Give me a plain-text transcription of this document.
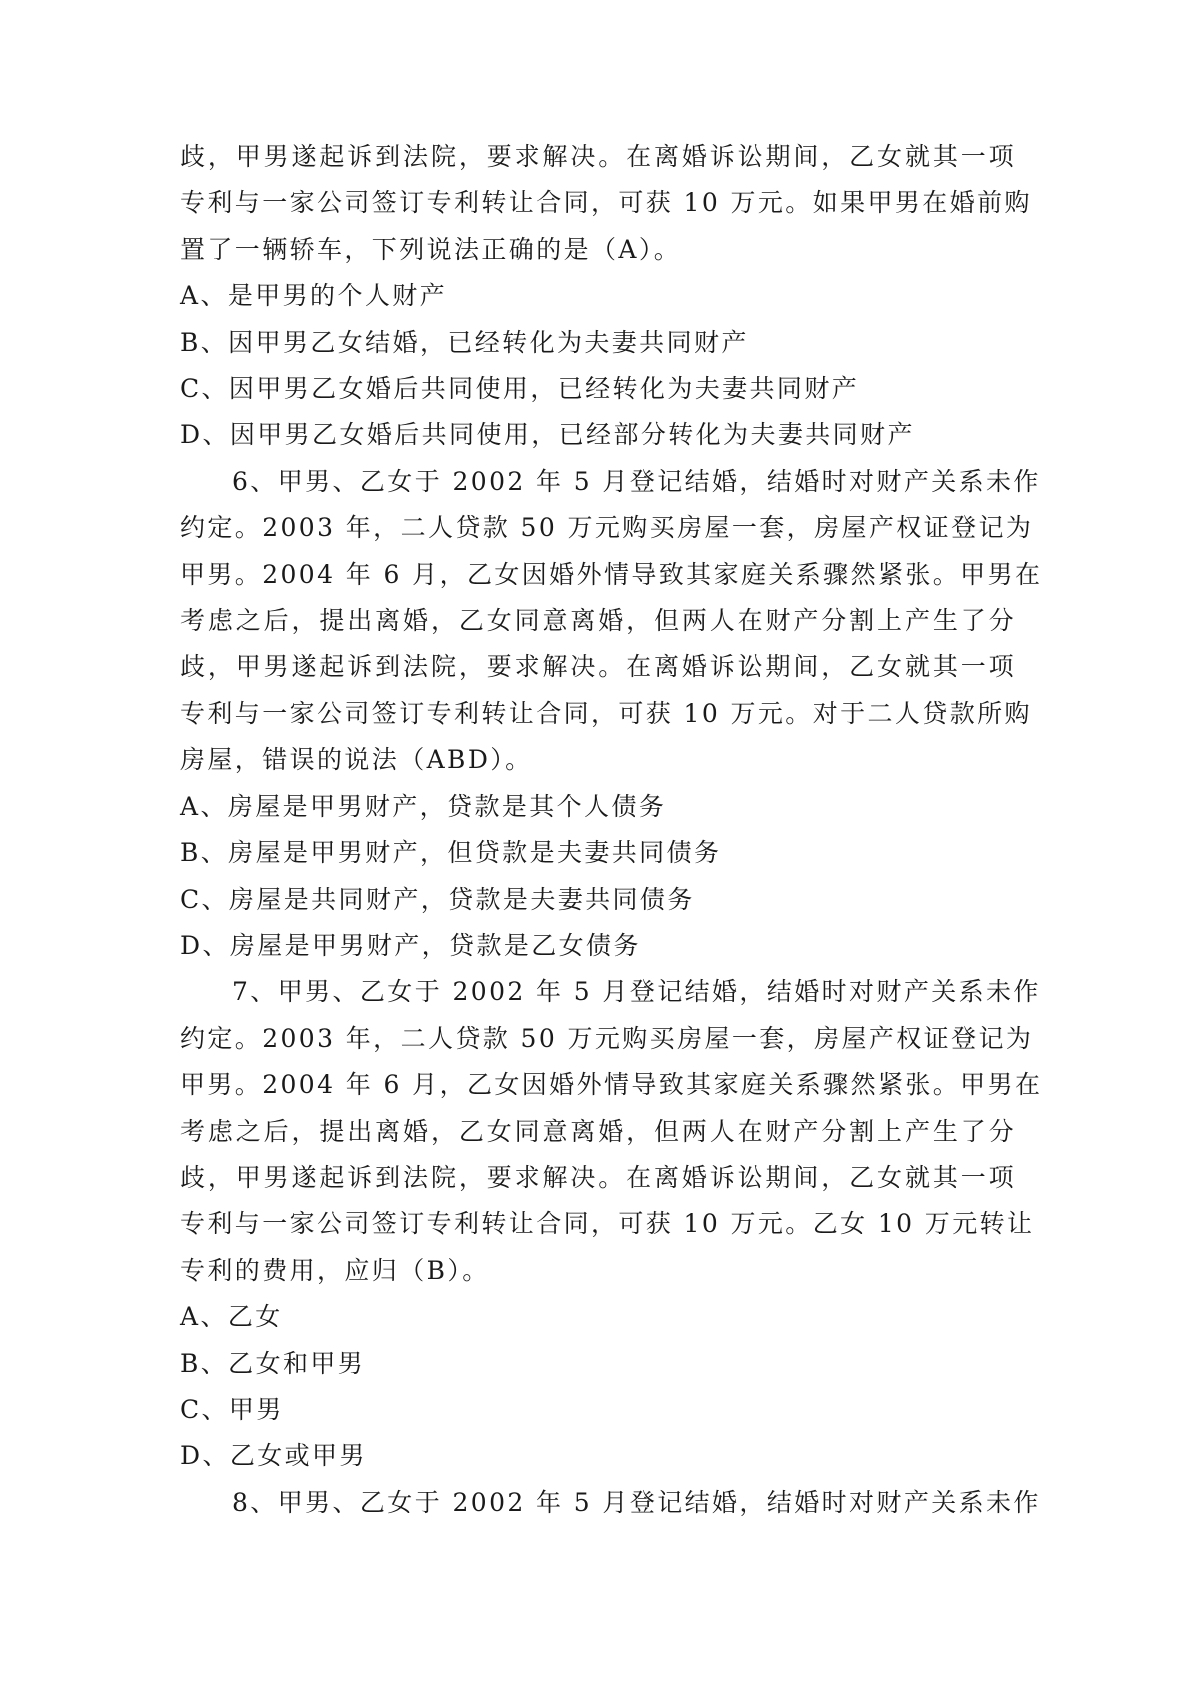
歧，甲男遂起诉到法院，要求解决。在离婚诉讼期间，乙女就其一项
专利与一家公司签订专利转让合同，可获 10 万元。如果甲男在婚前购
置了一辆轿车，下列说法正确的是（A）。

A、是甲男的个人财产

B、因甲男乙女结婚，已经转化为夫妻共同财产

C、因甲男乙女婚后共同使用，已经转化为夫妻共同财产

D、因甲男乙女婚后共同使用，已经部分转化为夫妻共同财产

6、甲男、乙女于 2002 年 5 月登记结婚，结婚时对财产关系未作
约定。2003 年，二人贷款 50 万元购买房屋一套，房屋产权证登记为
甲男。2004 年 6 月，乙女因婚外情导致其家庭关系骤然紧张。甲男在
考虑之后，提出离婚，乙女同意离婚，但两人在财产分割上产生了分
歧，甲男遂起诉到法院，要求解决。在离婚诉讼期间，乙女就其一项
专利与一家公司签订专利转让合同，可获 10 万元。对于二人贷款所购
房屋，错误的说法（ABD）。

A、房屋是甲男财产，贷款是其个人债务

B、房屋是甲男财产，但贷款是夫妻共同债务

C、房屋是共同财产，贷款是夫妻共同债务

D、房屋是甲男财产，贷款是乙女债务

7、甲男、乙女于 2002 年 5 月登记结婚，结婚时对财产关系未作
约定。2003 年，二人贷款 50 万元购买房屋一套，房屋产权证登记为
甲男。2004 年 6 月，乙女因婚外情导致其家庭关系骤然紧张。甲男在
考虑之后，提出离婚，乙女同意离婚，但两人在财产分割上产生了分
歧，甲男遂起诉到法院，要求解决。在离婚诉讼期间，乙女就其一项
专利与一家公司签订专利转让合同，可获 10 万元。乙女 10 万元转让
专利的费用，应归（B）。

A、乙女

B、乙女和甲男

C、甲男

D、乙女或甲男

8、甲男、乙女于 2002 年 5 月登记结婚，结婚时对财产关系未作
